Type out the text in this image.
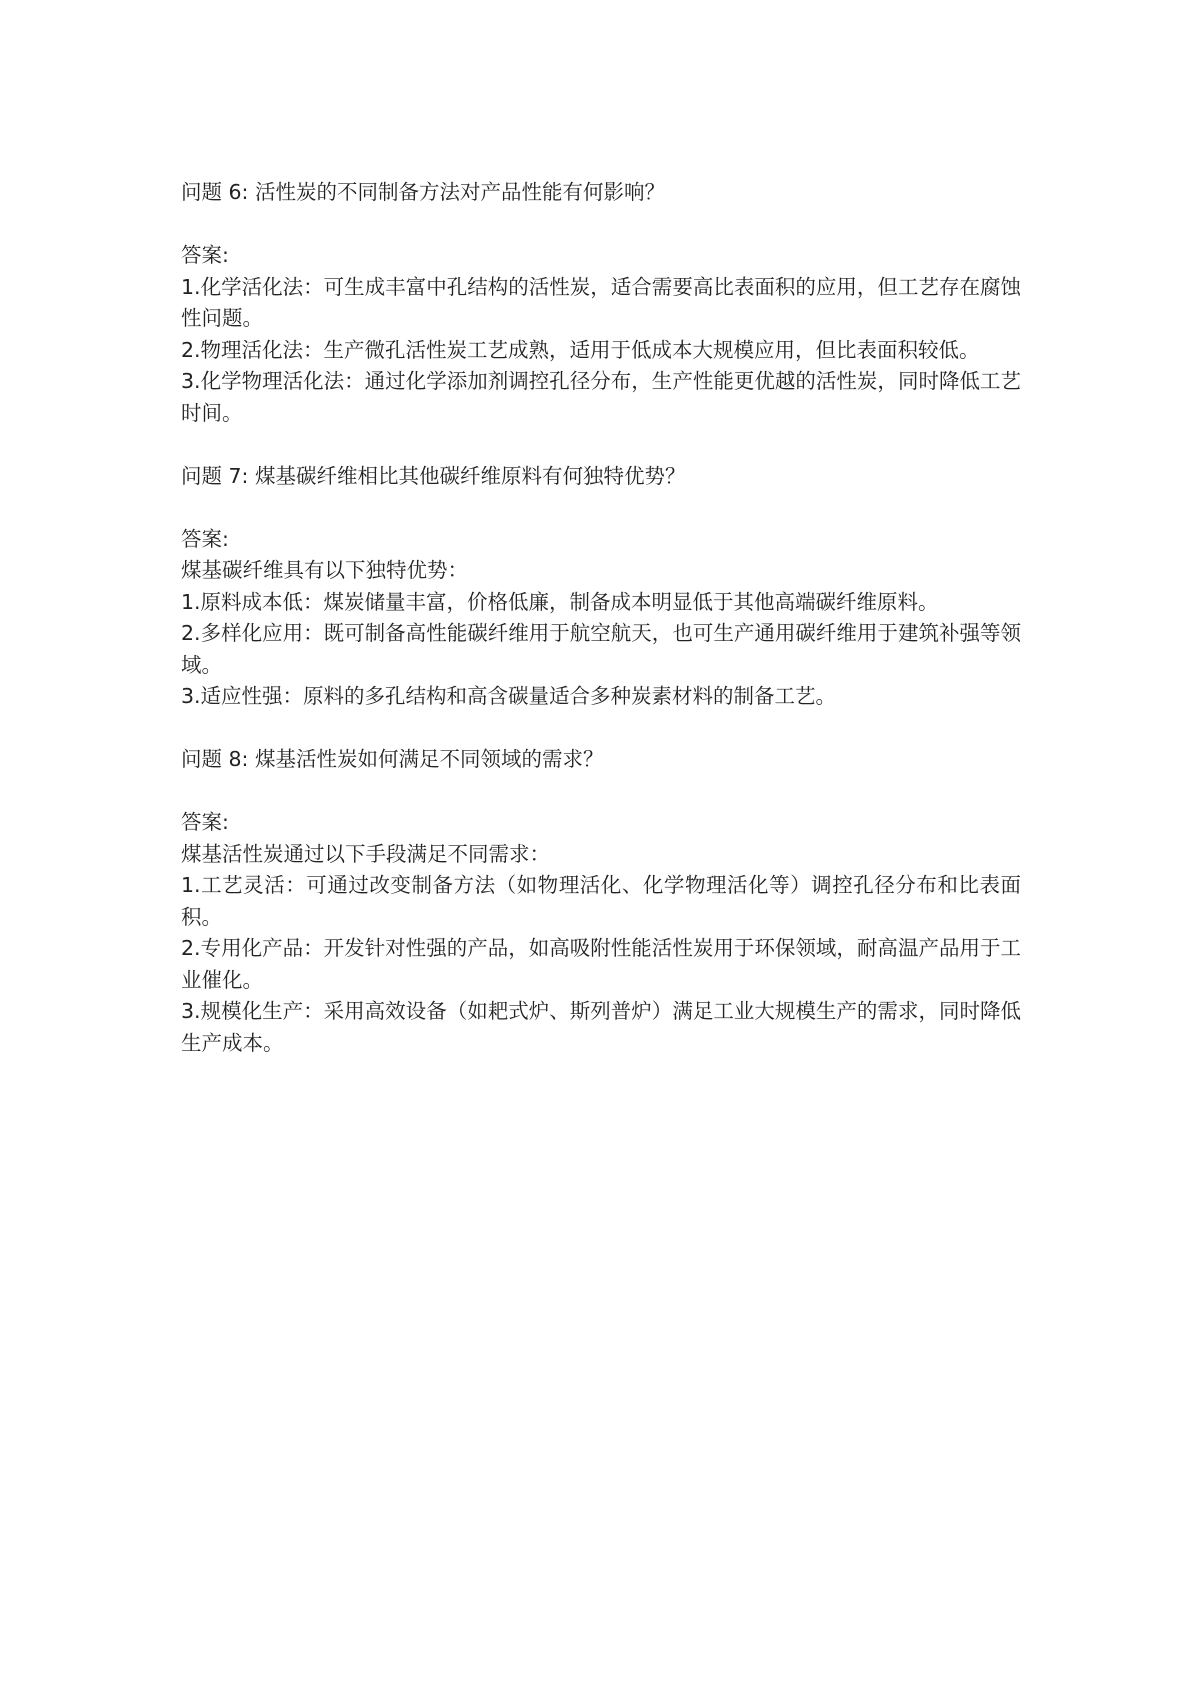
问题 6: 活性炭的不同制备方法对产品性能有何影响？

答案:

1.化学活化法：可生成丰富中孔结构的活性炭，适合需要高比表面积的应用，但工艺存在腐蚀性问题。

2.物理活化法：生产微孔活性炭工艺成熟，适用于低成本大规模应用，但比表面积较低。

3.化学物理活化法：通过化学添加剂调控孔径分布，生产性能更优越的活性炭，同时降低工艺时间。

问题 7: 煤基碳纤维相比其他碳纤维原料有何独特优势？

答案:

煤基碳纤维具有以下独特优势：

1.原料成本低：煤炭储量丰富，价格低廉，制备成本明显低于其他高端碳纤维原料。

2.多样化应用：既可制备高性能碳纤维用于航空航天，也可生产通用碳纤维用于建筑补强等领域。

3.适应性强：原料的多孔结构和高含碳量适合多种炭素材料的制备工艺。

问题 8: 煤基活性炭如何满足不同领域的需求？

答案:

煤基活性炭通过以下手段满足不同需求：

1.工艺灵活：可通过改变制备方法（如物理活化、化学物理活化等）调控孔径分布和比表面积。

2.专用化产品：开发针对性强的产品，如高吸附性能活性炭用于环保领域，耐高温产品用于工业催化。

3.规模化生产：采用高效设备（如耙式炉、斯列普炉）满足工业大规模生产的需求，同时降低生产成本。
